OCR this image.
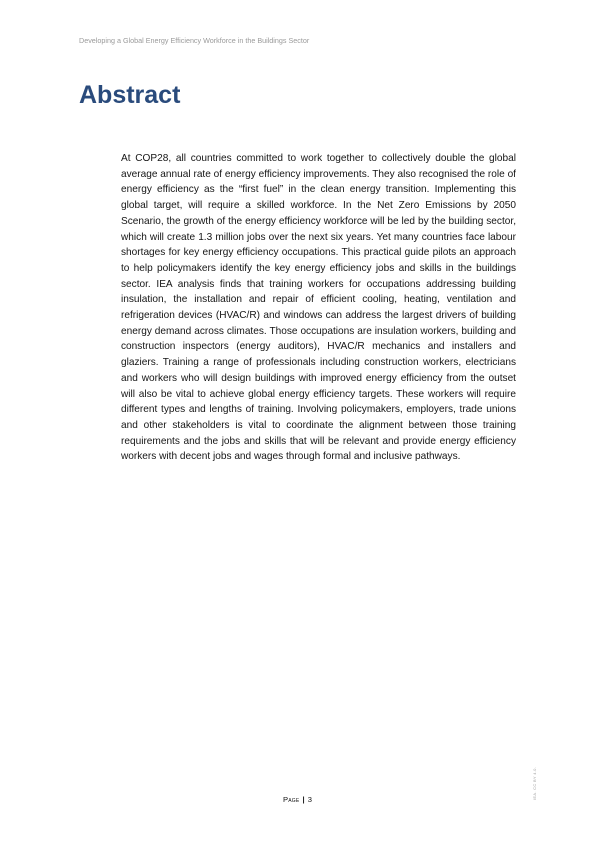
Developing a Global Energy Efficiency Workforce in the Buildings Sector
Abstract

At COP28, all countries committed to work together to collectively double the global average annual rate of energy efficiency improvements. They also recognised the role of energy efficiency as the “first fuel” in the clean energy transition. Implementing this global target, will require a skilled workforce. In the Net Zero Emissions by 2050 Scenario, the growth of the energy efficiency workforce will be led by the building sector, which will create 1.3 million jobs over the next six years. Yet many countries face labour shortages for key energy efficiency occupations. This practical guide pilots an approach to help policymakers identify the key energy efficiency jobs and skills in the buildings sector. IEA analysis finds that training workers for occupations addressing building insulation, the installation and repair of efficient cooling, heating, ventilation and refrigeration devices (HVAC/R) and windows can address the largest drivers of building energy demand across climates. Those occupations are insulation workers, building and construction inspectors (energy auditors), HVAC/R mechanics and installers and glaziers. Training a range of professionals including construction workers, electricians and workers who will design buildings with improved energy efficiency from the outset will also be vital to achieve global energy efficiency targets. These workers will require different types and lengths of training. Involving policymakers, employers, trade unions and other stakeholders is vital to coordinate the alignment between those training requirements and the jobs and skills that will be relevant and provide energy efficiency workers with decent jobs and wages through formal and inclusive pathways.

Page | 3	IEA. CC BY 4.0.
